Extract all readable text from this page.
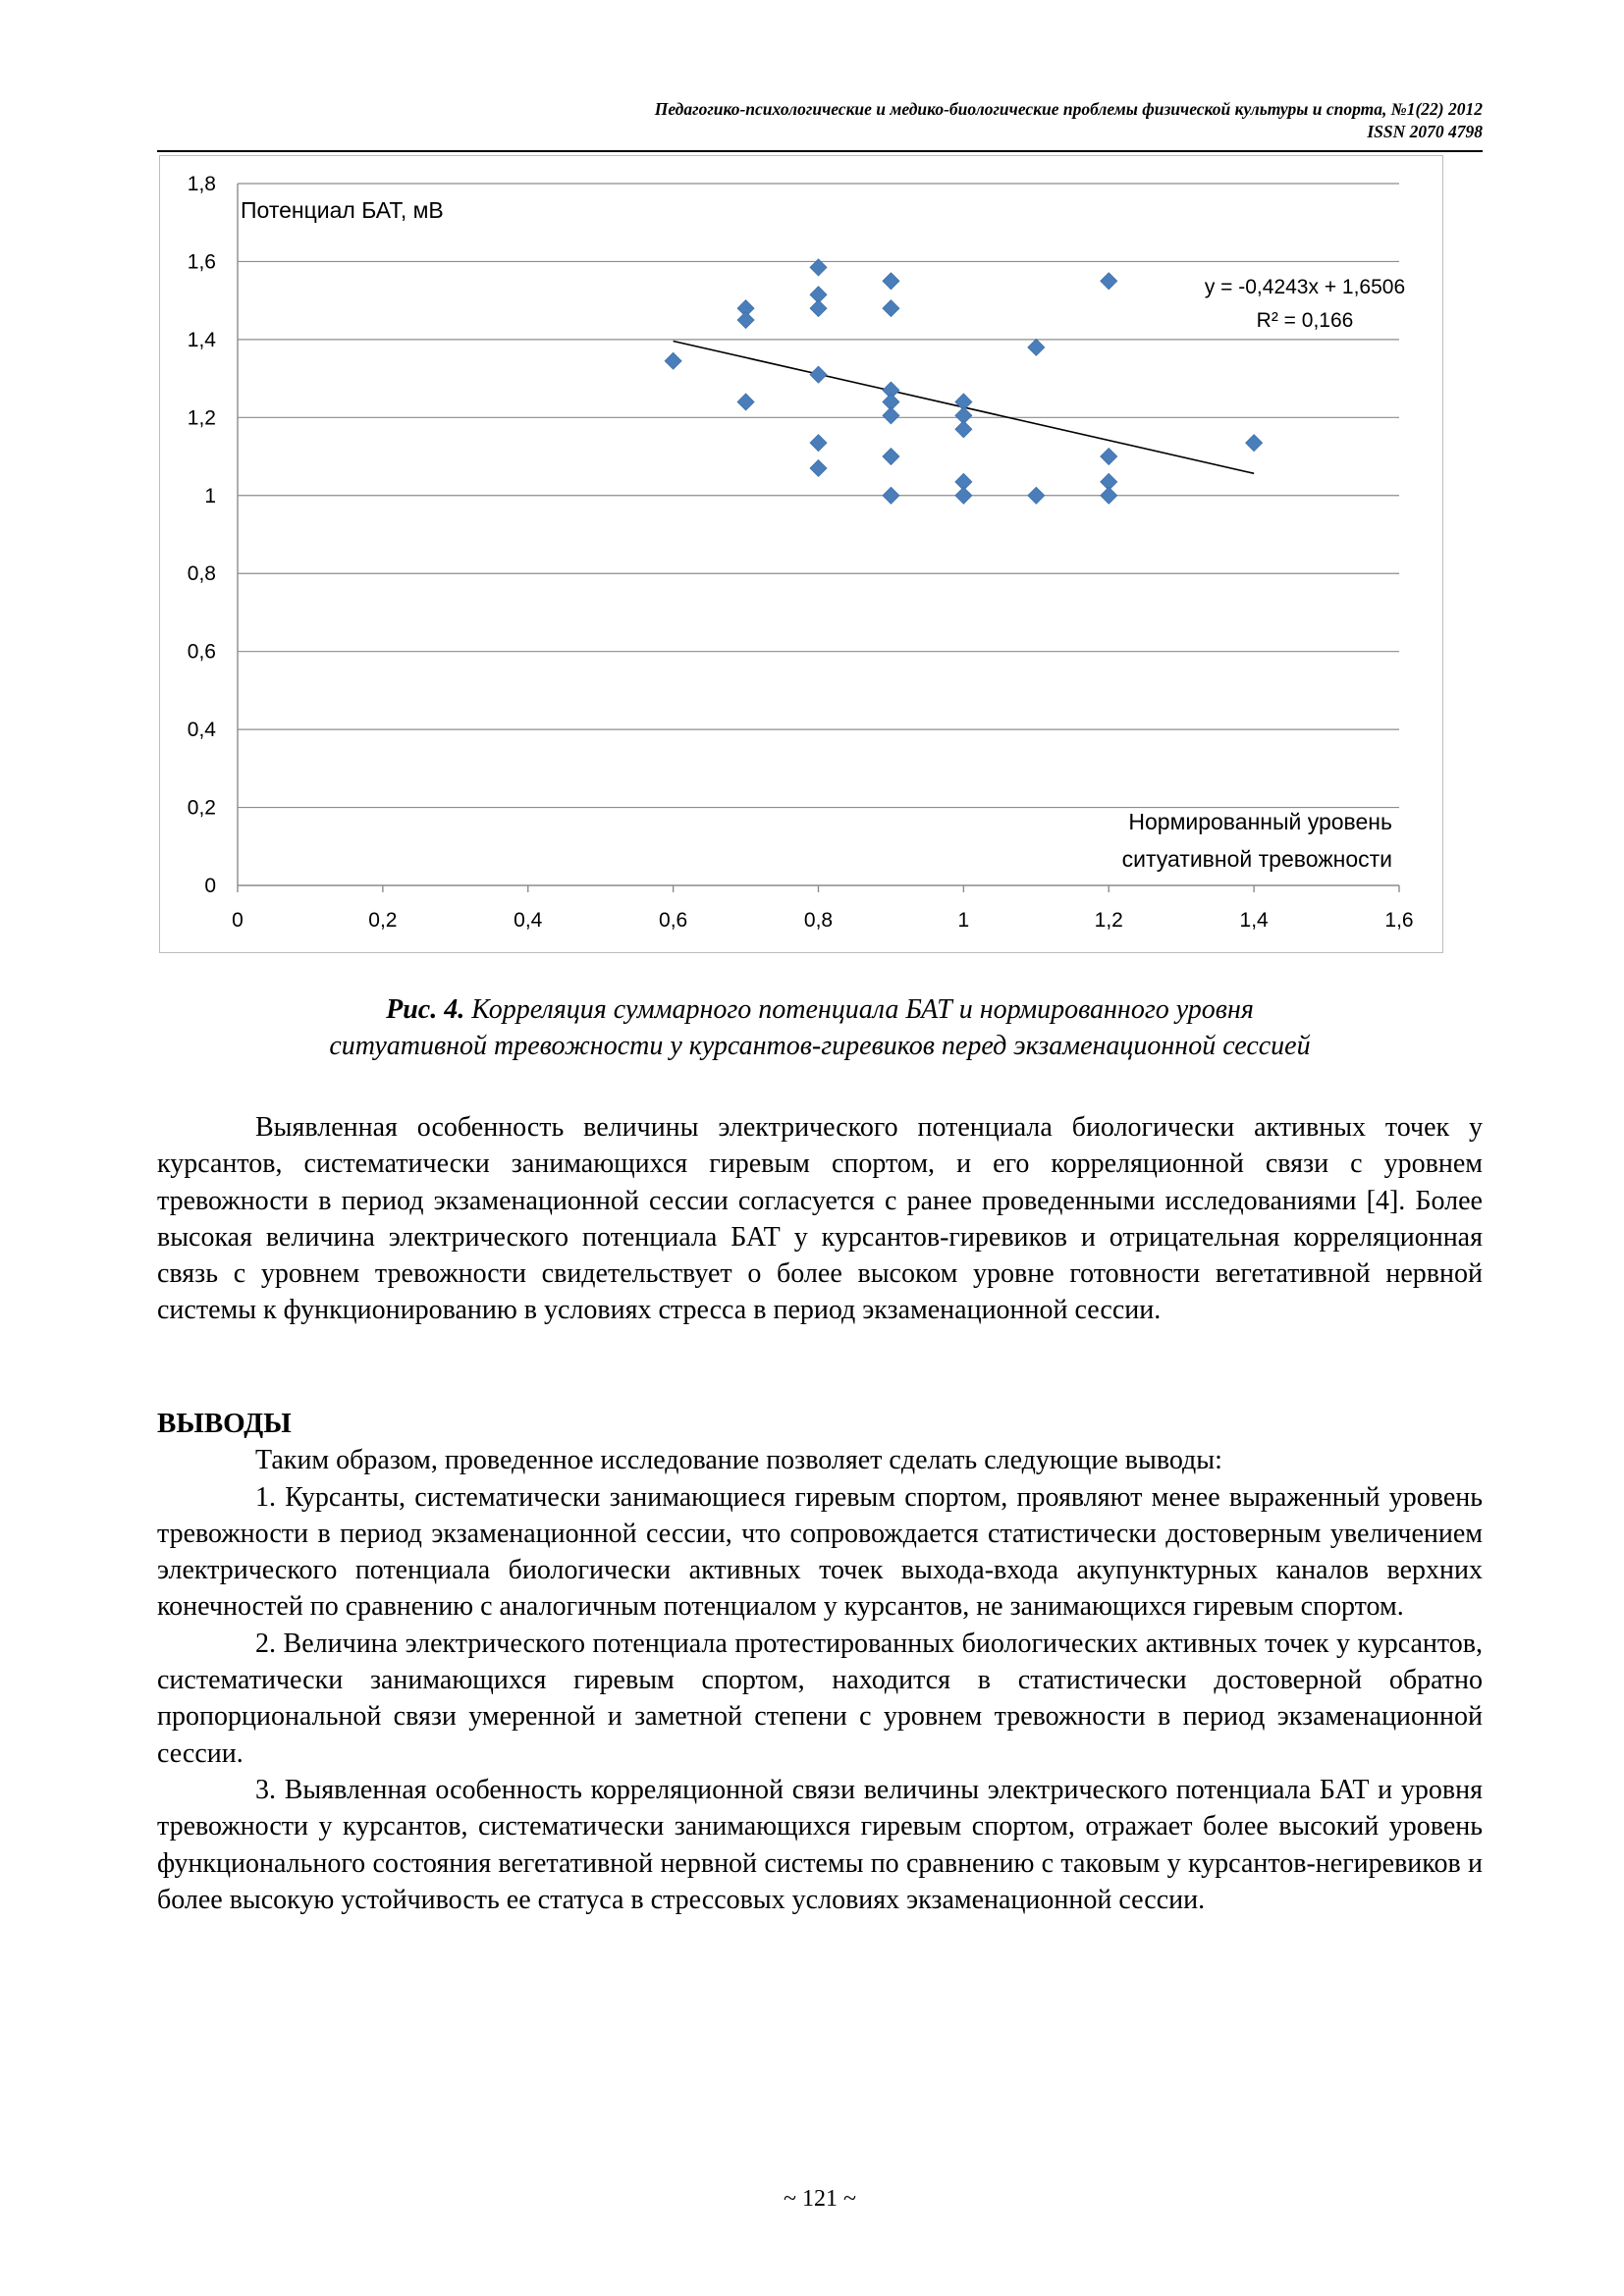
Педагогико-психологические и медико-биологические проблемы физической культуры и спорта, №1(22) 2012
ISSN 2070 4798
0
0,2
0,4
0,6
0,8
1
1,2
1,4
1,6
1,8
0	0,2	0,4	0,6	0,8	1	1,2	1,4	1,6
Потенциал БАТ, мВ
Нормированный уровень
ситуативной тревожности
y = -0,4243x + 1,6506
R² = 0,166
Рис. 4. Корреляция суммарного потенциала БАТ и нормированного уровня
ситуативной тревожности у курсантов-гиревиков перед экзаменационной сессией

Выявленная особенность величины электрического потенциала биологически активных точек у курсантов, систематически занимающихся гиревым спортом, и его корреляционной связи с уровнем тревожности в период экзаменационной сессии согласуется с ранее проведенными исследованиями [4]. Более высокая величина электрического потенциала БАТ у курсантов-гиревиков и отрицательная корреляционная связь с уровнем тревожности свидетельствует о более высоком уровне готовности вегетативной нервной системы к функционированию в условиях стресса в период экзаменационной сессии.

ВЫВОДЫ

Таким образом, проведенное исследование позволяет сделать следующие выводы:

1. Курсанты, систематически занимающиеся гиревым спортом, проявляют менее выраженный уровень тревожности в период экзаменационной сессии, что сопровождается статистически достоверным увеличением электрического потенциала биологически активных точек выхода-входа акупунктурных каналов верхних конечностей по сравнению с аналогичным потенциалом у курсантов, не занимающихся гиревым спортом.

2. Величина электрического потенциала протестированных биологических активных точек у курсантов, систематически занимающихся гиревым спортом, находится в статистически достоверной обратно пропорциональной связи умеренной и заметной степени с уровнем тревожности в период экзаменационной сессии.

3. Выявленная особенность корреляционной связи величины электрического потенциала БАТ и уровня тревожности у курсантов, систематически занимающихся гиревым спортом, отражает более высокий уровень функционального состояния вегетативной нервной системы по сравнению с таковым у курсантов-негиревиков и более высокую устойчивость ее статуса в стрессовых условиях экзаменационной сессии.

~ 121 ~
